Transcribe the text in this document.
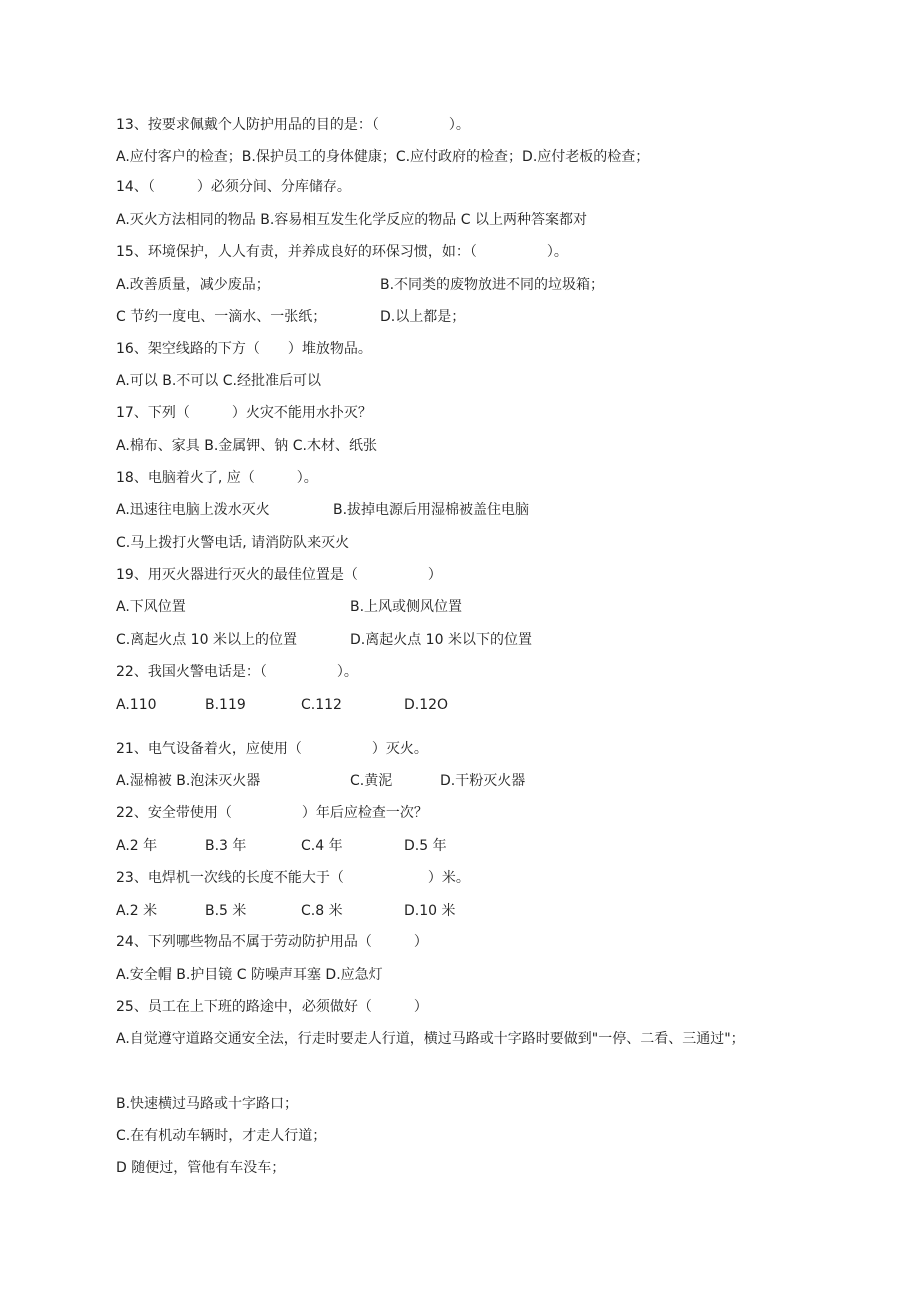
13、按要求佩戴个人防护用品的目的是：（　　　　　）。
A.应付客户的检查；B.保护员工的身体健康；C.应付政府的检查；D.应付老板的检查；
14、（　　　）必须分间、分库储存。
A.灭火方法相同的物品 B.容易相互发生化学反应的物品 C 以上两种答案都对
15、环境保护，人人有责，并养成良好的环保习惯，如：（　　　　　）。
A.改善质量，减少废品；	B.不同类的废物放进不同的垃圾箱；
C 节约一度电、一滴水、一张纸；	D.以上都是；
16、架空线路的下方（　　）堆放物品。
A.可以 B.不可以 C.经批准后可以
17、下列（　　　）火灾不能用水扑灭？
A.棉布、家具 B.金属钾、钠 C.木材、纸张
18、电脑着火了, 应（　　　）。
A.迅速往电脑上泼水灭火	B.拔掉电源后用湿棉被盖住电脑
C.马上拨打火警电话, 请消防队来灭火
19、用灭火器进行灭火的最佳位置是（　　　　　）
A.下风位置	B.上风或侧风位置
C.离起火点 10 米以上的位置	D.离起火点 10 米以下的位置
22、我国火警电话是：（　　　　　）。
A.110	B.119	C.112	D.12O
21、电气设备着火，应使用（　　　　　）灭火。
A.湿棉被 B.泡沫灭火器	C.黄泥	D.干粉灭火器
22、安全带使用（　　　　　）年后应检查一次？
A.2 年	B.3 年	C.4 年	D.5 年
23、电焊机一次线的长度不能大于（　　　　　　）米。
A.2 米	B.5 米	C.8 米	D.10 米
24、下列哪些物品不属于劳动防护用品（　　　）
A.安全帽 B.护目镜 C 防噪声耳塞 D.应急灯
25、员工在上下班的路途中，必须做好（　　　）
A.自觉遵守道路交通安全法，行走时要走人行道，横过马路或十字路时要做到"一停、二看、三通过"；
B.快速横过马路或十字路口；
C.在有机动车辆时，才走人行道；
D 随便过，管他有车没车；
